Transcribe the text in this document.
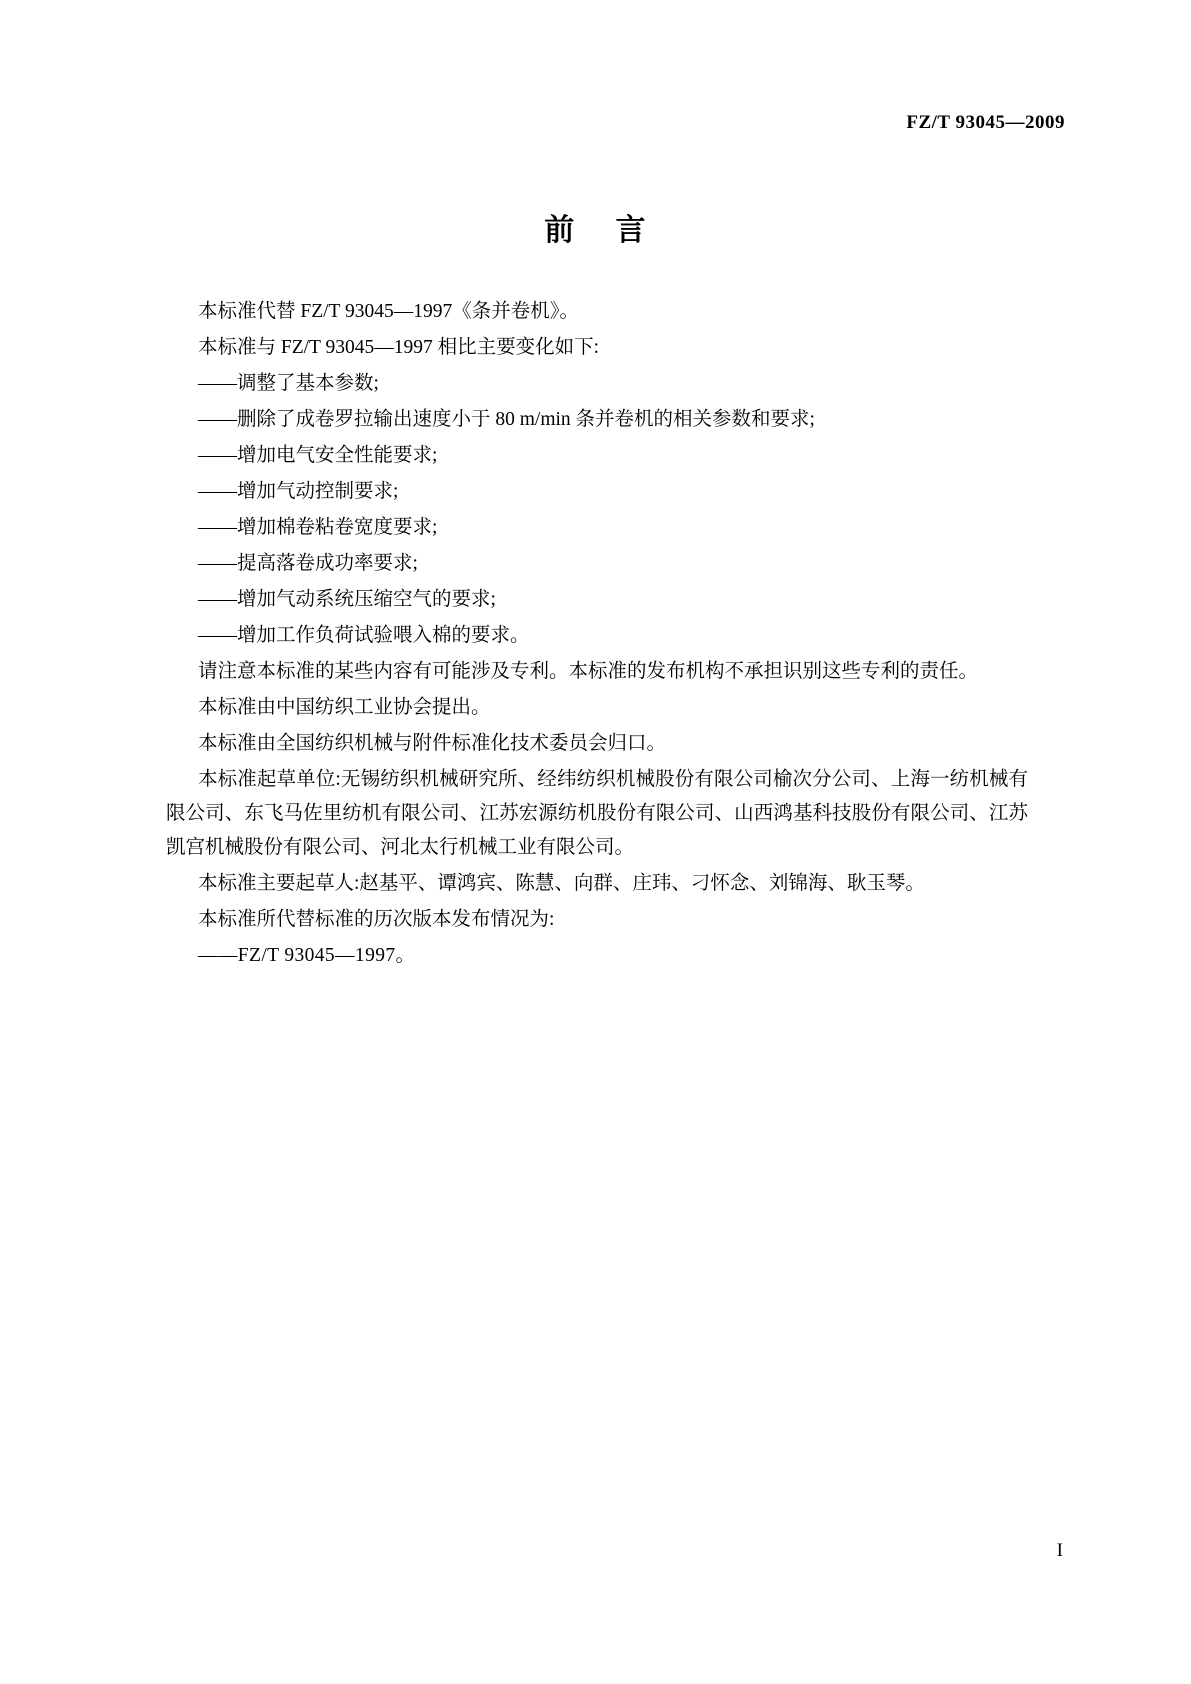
FZ/T 93045—2009
前 言

本标准代替 FZ/T 93045—1997《条并卷机》。

本标准与 FZ/T 93045—1997 相比主要变化如下:

——调整了基本参数;

——删除了成卷罗拉输出速度小于 80 m/min 条并卷机的相关参数和要求;

——增加电气安全性能要求;

——增加气动控制要求;

——增加棉卷粘卷宽度要求;

——提高落卷成功率要求;

——增加气动系统压缩空气的要求;

——增加工作负荷试验喂入棉的要求。

请注意本标准的某些内容有可能涉及专利。本标准的发布机构不承担识别这些专利的责任。

本标准由中国纺织工业协会提出。

本标准由全国纺织机械与附件标准化技术委员会归口。

本标准起草单位:无锡纺织机械研究所、经纬纺织机械股份有限公司榆次分公司、上海一纺机械有限公司、东飞马佐里纺机有限公司、江苏宏源纺机股份有限公司、山西鸿基科技股份有限公司、江苏凯宫机械股份有限公司、河北太行机械工业有限公司。

本标准主要起草人:赵基平、谭鸿宾、陈慧、向群、庄玮、刁怀念、刘锦海、耿玉琴。

本标准所代替标准的历次版本发布情况为:

——FZ/T 93045—1997。

I
